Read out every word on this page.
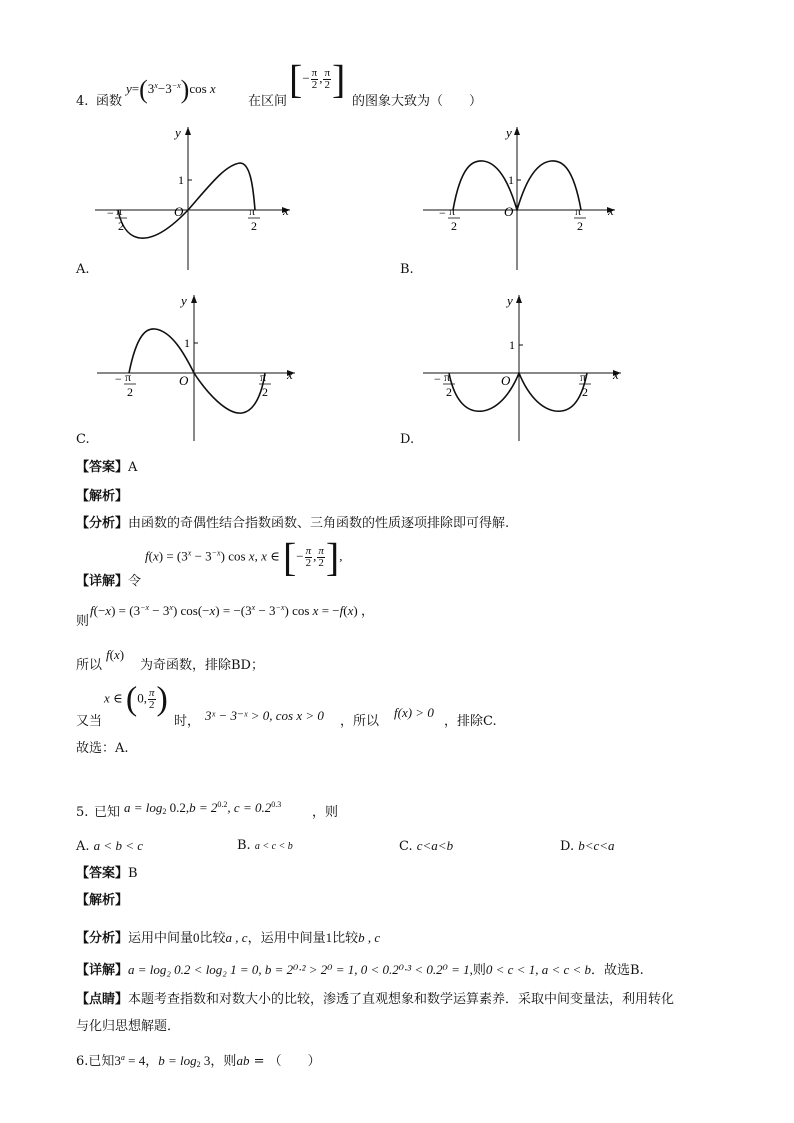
4. 函数
$y=(3^x-3^{-x})\cos$ x
在区间 [− $\frac{\pi}{2}$ , $\frac{\pi}{2}$ ] 的图象大致为（　　）
y
x
O
1
− π
2
π
2
A.
y
x
O
1
− π
2
π
2
B.
y
x
O
1
− π
2
π
2
C.
y
x
O
1
− π
2
π
2
D.
【答案】A
【解析】
【分析】由函数的奇偶性结合指数函数、三角函数的性质逐项排除即可得解.
【详解】令
$f(x) = (3^x - 3^{-x})$ cos x, x ∈ [− $\frac{\pi}{2}$ , $\frac{\pi}{2}$ ],
则
$f(-x) = (3^{-x} - 3^x) \cos(-x) = -(3^x - 3^{-x})$ cos x = −f(x) ，
所以
f(x)
为奇函数，排除BD；
又当
x ∈ (0, $\frac{\pi}{2}$ )
时， 3ˣ − 3⁻ˣ > 0, cos x > 0 ，所以
f(x) > 0
，排除C.
故选：A.
5. 已知 $a = \log_2 0.2,b = 2^{0.2}$, $c = 0.2^{0.3}$
，则
A. a < b < c	B. a < c < b	C. c<a<b	D. b<c<a
【答案】B
【解析】
【分析】运用中间量0比较a , c，运用中间量1比较b , c
【详解】a = log₂ 0.2 < log₂ 1 = 0, b = 2⁰·² > 2⁰ = 1, 0 < 0.2⁰·³ < 0.2⁰ = 1,则0 < c < 1, a < c < b．故选B.
【点睛】本题考查指数和对数大小的比较，渗透了直观想象和数学运算素养．采取中间变量法，利用转化
与化归思想解题．
6.已知$3^a = 4$，$b = \log_2 3$，则ab = （　　）
